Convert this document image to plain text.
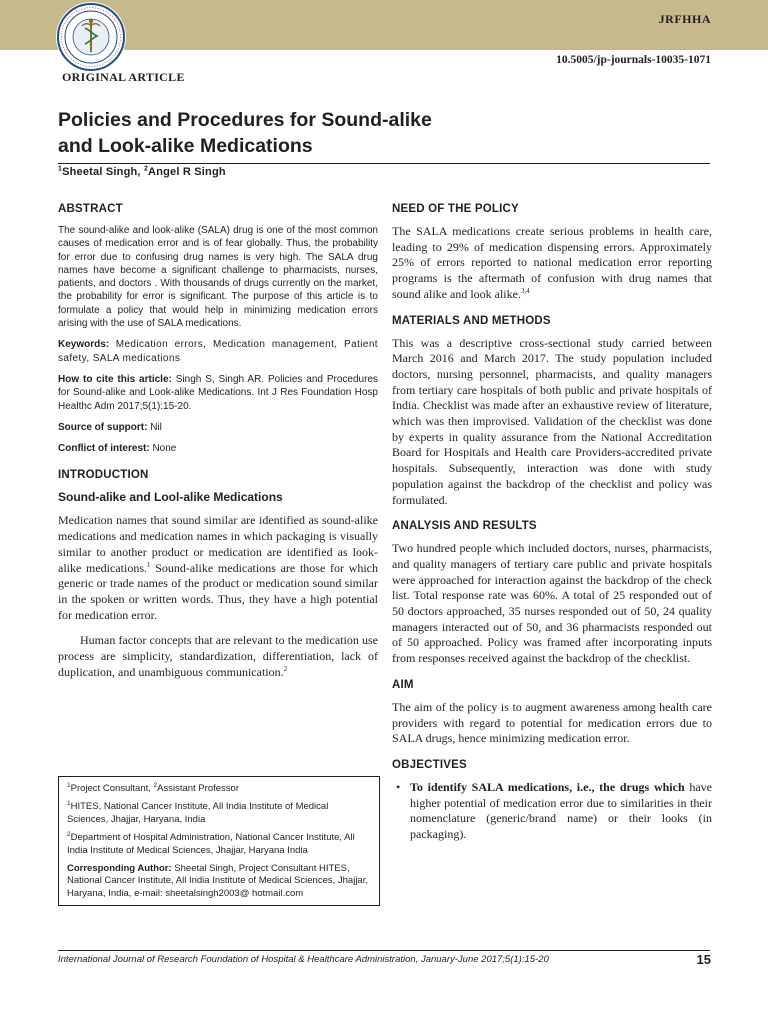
JRFHHA
10.5005/jp-journals-10035-1071
ORIGINAL ARTICLE
Policies and Procedures for Sound-alike
and Look-alike Medications
$^1$Sheetal Singh, $^2$Angel R Singh
ABSTRACT

The sound-alike and look-alike (SALA) drug is one of the most common causes of medication error and is of fear globally. Thus, the probability for error due to confusing drug names is very high. The SALA drug names have become a significant challenge to pharmacists, nurses, patients, and doctors . With thousands of drugs currently on the market, the probability for error is significant. The purpose of this article is to formulate a policy that would help in minimizing medication errors arising with the use of SALA medications.

Keywords: Medication errors, Medication management, Patient safety, SALA medications

How to cite this article: Singh S, Singh AR. Policies and Procedures for Sound-alike and Look-alike Medications. Int J Res Foundation Hosp Healthc Adm 2017;5(1):15-20.

Source of support: Nil

Conflict of interest: None

INTRODUCTION
Sound-alike and Lool-alike Medications

Medication names that sound similar are identified as sound-alike medications and medication names in which packaging is visually similar to another product or medication are identified as look-alike medications.$^1$ Sound-alike medications are those for which generic or trade names of the product or medication sound similar in the spoken or written words. Thus, they have a high potential for medication error.

Human factor concepts that are relevant to the medication use process are simplicity, standardization, differentiation, lack of duplication, and unambiguous communication.$^2$

$^1$Project Consultant, $^2$Assistant Professor

$^1$HITES, National Cancer Institute, All India Institute of Medical Sciences, Jhajjar, Haryana, India

$^2$Department of Hospital Administration, National Cancer Institute, All India Institute of Medical Sciences, Jhajjar, Haryana India

Corresponding Author: Sheetal Singh, Project Consultant HITES, National Cancer Institute, All India Institute of Medical Sciences, Jhajjar, Haryana, India, e-mail: sheetalsingh2003@ hotmail.com

NEED OF THE POLICY

The SALA medications create serious problems in health care, leading to 29% of medication dispensing errors. Approximately 25% of errors reported to national medication error reporting programs is the aftermath of confusion with drug names that sound alike and look alike.$^{3,4}$

MATERIALS AND METHODS

This was a descriptive cross-sectional study carried between March 2016 and March 2017. The study population included doctors, nursing personnel, pharmacists, and quality managers from tertiary care hospitals of both public and private hospitals of India. Checklist was made after an exhaustive review of literature, which was then improvised. Validation of the checklist was done by experts in quality assurance from the National Accreditation Board for Hospitals and Health care Providers-accredited private hospitals. Subsequently, interaction was done with study population against the backdrop of the checklist and policy was formulated.

ANALYSIS AND RESULTS

Two hundred people which included doctors, nurses, pharmacists, and quality managers of tertiary care public and private hospitals were approached for interaction against the backdrop of the check list. Total response rate was 60%. A total of 25 responded out of 50 doctors approached, 35 nurses responded out of 50, 24 quality managers interacted out of 50, and 36 pharmacists responded out of 50 approached. Policy was framed after incorporating inputs from responses received against the backdrop of the checklist.

AIM

The aim of the policy is to augment awareness among health care providers with regard to potential for medication errors due to SALA drugs, hence minimizing medication error.

OBJECTIVES
• To identify SALA medications, i.e., the drugs which have higher potential of medication error due to similarities in their nomenclature (generic/brand name) or their looks (in packaging).
International Journal of Research Foundation of Hospital & Healthcare Administration, January-June 2017;5(1):15-20	15
